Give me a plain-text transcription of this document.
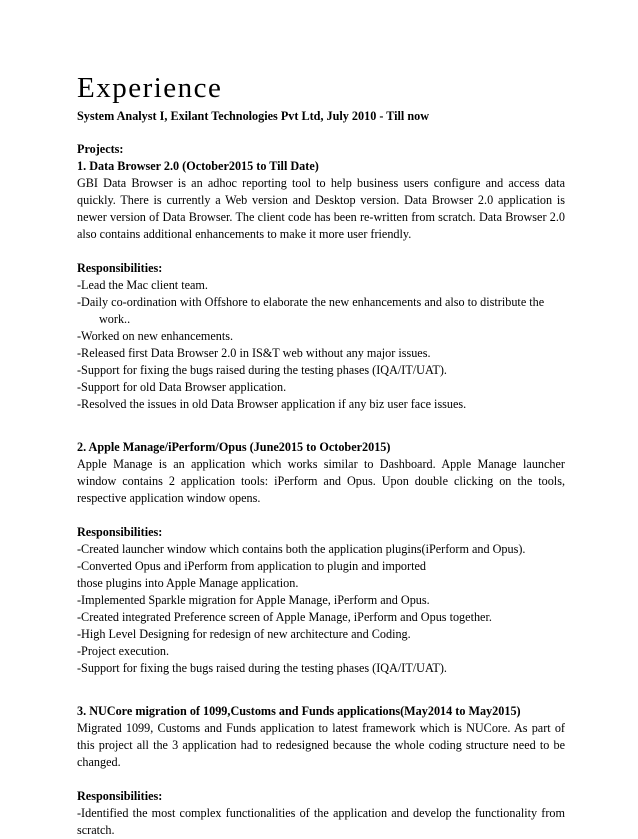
Experience
System Analyst I, Exilant Technologies Pvt Ltd, July 2010 - Till now
Projects:
1. Data Browser 2.0 (October2015 to Till Date)

GBI Data Browser is an adhoc reporting tool to help business users configure and access data quickly. There is currently a Web version and Desktop version. Data Browser 2.0 application is newer version of Data Browser. The client code has been re-written from scratch. Data Browser 2.0 also contains additional enhancements to make it more user friendly.

Responsibilities:
-Lead the Mac client team.
-Daily co-ordination with Offshore to elaborate the new enhancements and also to distribute the
work..
-Worked on new enhancements.
-Released first Data Browser 2.0 in IS&T web without any major issues.
-Support for fixing the bugs raised during the testing phases (IQA/IT/UAT).
-Support for old Data Browser application.
-Resolved the issues in old Data Browser application if any biz user face issues.
2. Apple Manage/iPerform/Opus (June2015 to October2015)

Apple Manage is an application which works similar to Dashboard. Apple Manage launcher window contains 2 application tools: iPerform and Opus. Upon double clicking on the tools, respective application window opens.

Responsibilities:
-Created launcher window which contains both the application plugins(iPerform and Opus).
-Converted Opus and iPerform from application to plugin and imported
those plugins into Apple Manage application.
-Implemented Sparkle migration for Apple Manage, iPerform and Opus.
-Created integrated Preference screen of Apple Manage, iPerform and Opus together.
-High Level Designing for redesign of new architecture and Coding.
-Project execution.
-Support for fixing the bugs raised during the testing phases (IQA/IT/UAT).
3. NUCore migration of 1099,Customs and Funds applications(May2014 to May2015)

Migrated 1099, Customs and Funds application to latest framework which is NUCore. As part of this project all the 3 application had to redesigned because the whole coding structure need to be changed.

Responsibilities:
-Identified the most complex functionalities of the application and develop the functionality from scratch.
